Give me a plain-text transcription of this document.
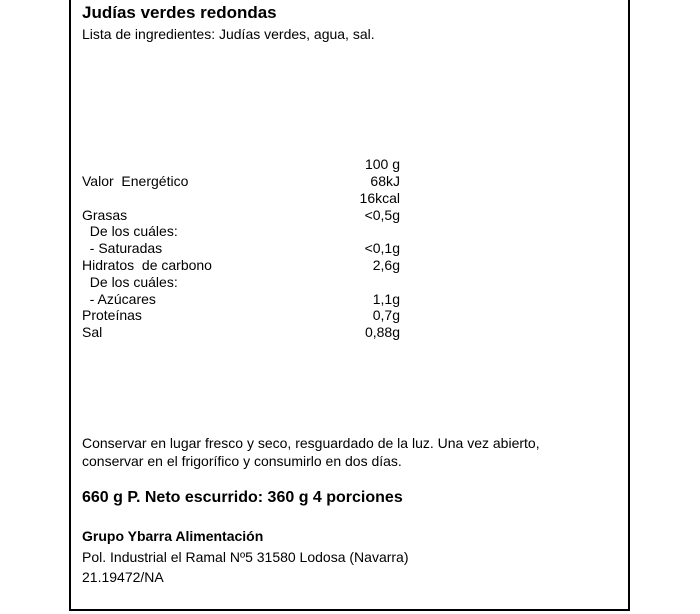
Judías verdes redondas
Lista de ingredientes: Judías verdes, agua, sal.
100 g
Valor  Energético	68kJ
16kcal
Grasas	<0,5g
De los cuáles:
- Saturadas	<0,1g
Hidratos  de carbono	2,6g
De los cuáles:
- Azúcares	1,1g
Proteínas	0,7g
Sal	0,88g
Conservar en lugar fresco y seco, resguardado de la luz. Una vez abierto,
conservar en el frigorífico y consumirlo en dos días.
660 g P. Neto escurrido: 360 g 4 porciones
Grupo Ybarra Alimentación
Pol. Industrial el Ramal Nº5 31580 Lodosa (Navarra)
21.19472/NA
